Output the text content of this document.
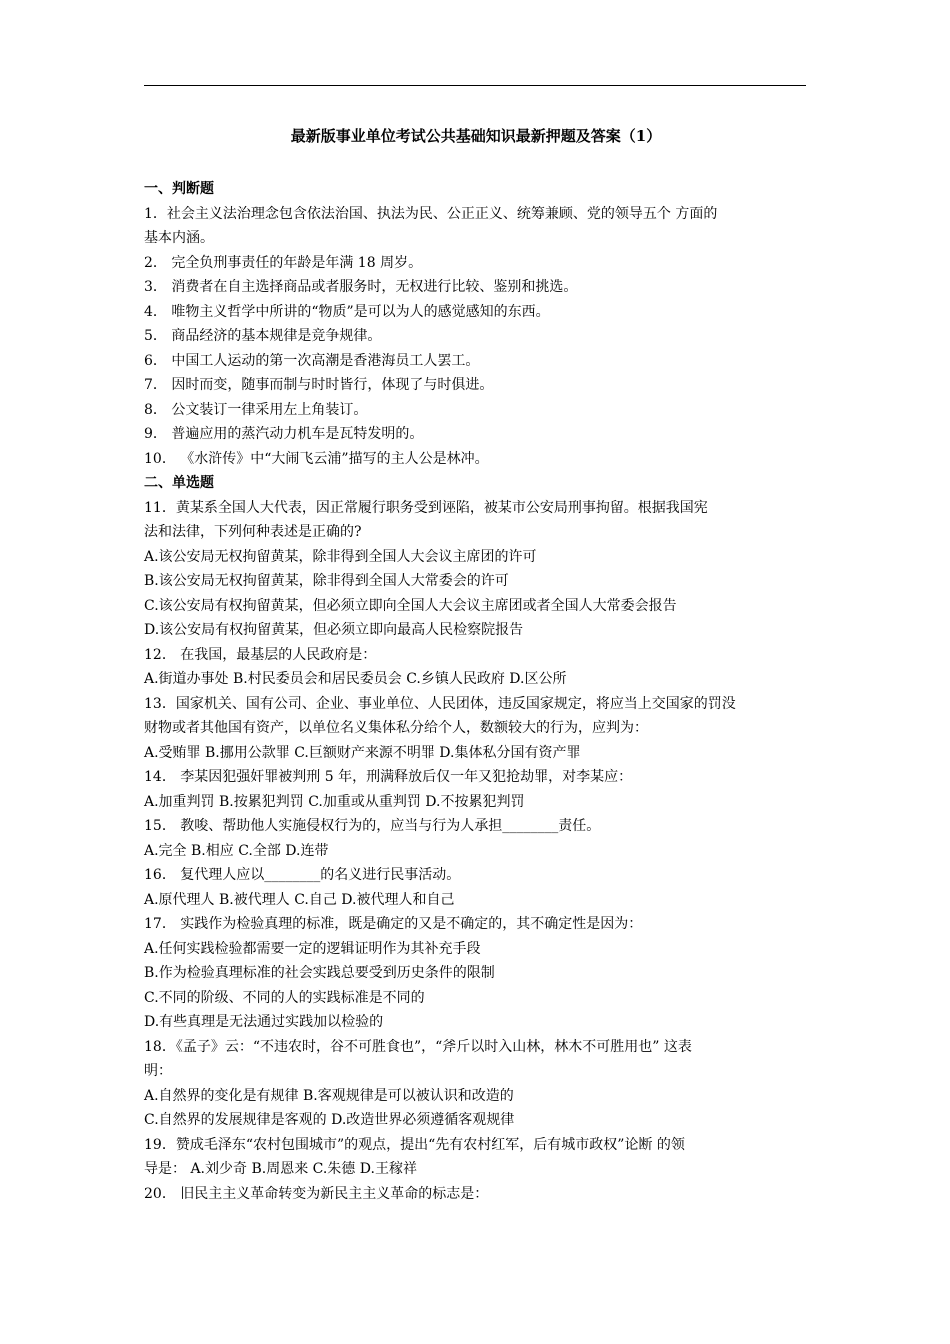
最新版事业单位考试公共基础知识最新押题及答案（1）
一、判断题
1．社会主义法治理念包含依法治国、执法为民、公正正义、统筹兼顾、党的领导五个 方面的
基本内涵。
2． 完全负刑事责任的年龄是年满 18 周岁。
3． 消费者在自主选择商品或者服务时，无权进行比较、鉴别和挑选。
4． 唯物主义哲学中所讲的“物质”是可以为人的感觉感知的东西。
5． 商品经济的基本规律是竞争规律。
6． 中国工人运动的第一次高潮是香港海员工人罢工。
7． 因时而变，随事而制与时时皆行，体现了与时俱进。
8． 公文装订一律采用左上角装订。
9． 普遍应用的蒸汽动力机车是瓦特发明的。
10． 《水浒传》中“大闹飞云浦”描写的主人公是林冲。
二、单选题
11．黄某系全国人大代表，因正常履行职务受到诬陷，被某市公安局刑事拘留。根据我国宪
法和法律，下列何种表述是正确的?
A.该公安局无权拘留黄某，除非得到全国人大会议主席团的许可
B.该公安局无权拘留黄某，除非得到全国人大常委会的许可
C.该公安局有权拘留黄某，但必须立即向全国人大会议主席团或者全国人大常委会报告
D.该公安局有权拘留黄某，但必须立即向最高人民检察院报告
12． 在我国，最基层的人民政府是：
A.街道办事处 B.村民委员会和居民委员会 C.乡镇人民政府 D.区公所
13．国家机关、国有公司、企业、事业单位、人民团体，违反国家规定，将应当上交国家的罚没
财物或者其他国有资产，以单位名义集体私分给个人，数额较大的行为，应判为：
A.受贿罪 B.挪用公款罪 C.巨额财产来源不明罪 D.集体私分国有资产罪
14． 李某因犯强奸罪被判刑 5 年，刑满释放后仅一年又犯抢劫罪，对李某应：
A.加重判罚 B.按累犯判罚 C.加重或从重判罚 D.不按累犯判罚
15． 教唆、帮助他人实施侵权行为的，应当与行为人承担________责任。
A.完全 B.相应 C.全部 D.连带
16． 复代理人应以________的名义进行民事活动。
A.原代理人 B.被代理人 C.自己 D.被代理人和自己
17． 实践作为检验真理的标准，既是确定的又是不确定的，其不确定性是因为：
A.任何实践检验都需要一定的逻辑证明作为其补充手段
B.作为检验真理标准的社会实践总要受到历史条件的限制
C.不同的阶级、不同的人的实践标准是不同的
D.有些真理是无法通过实践加以检验的
18．《孟子》云：“不违农时，谷不可胜食也”，“斧斤以时入山林，林木不可胜用也” 这表
明：
A.自然界的变化是有规律 B.客观规律是可以被认识和改造的
C.自然界的发展规律是客观的 D.改造世界必须遵循客观规律
19．赞成毛泽东“农村包围城市”的观点，提出“先有农村红军，后有城市政权”论断 的领
导是： A.刘少奇 B.周恩来 C.朱德 D.王稼祥
20． 旧民主主义革命转变为新民主主义革命的标志是：
